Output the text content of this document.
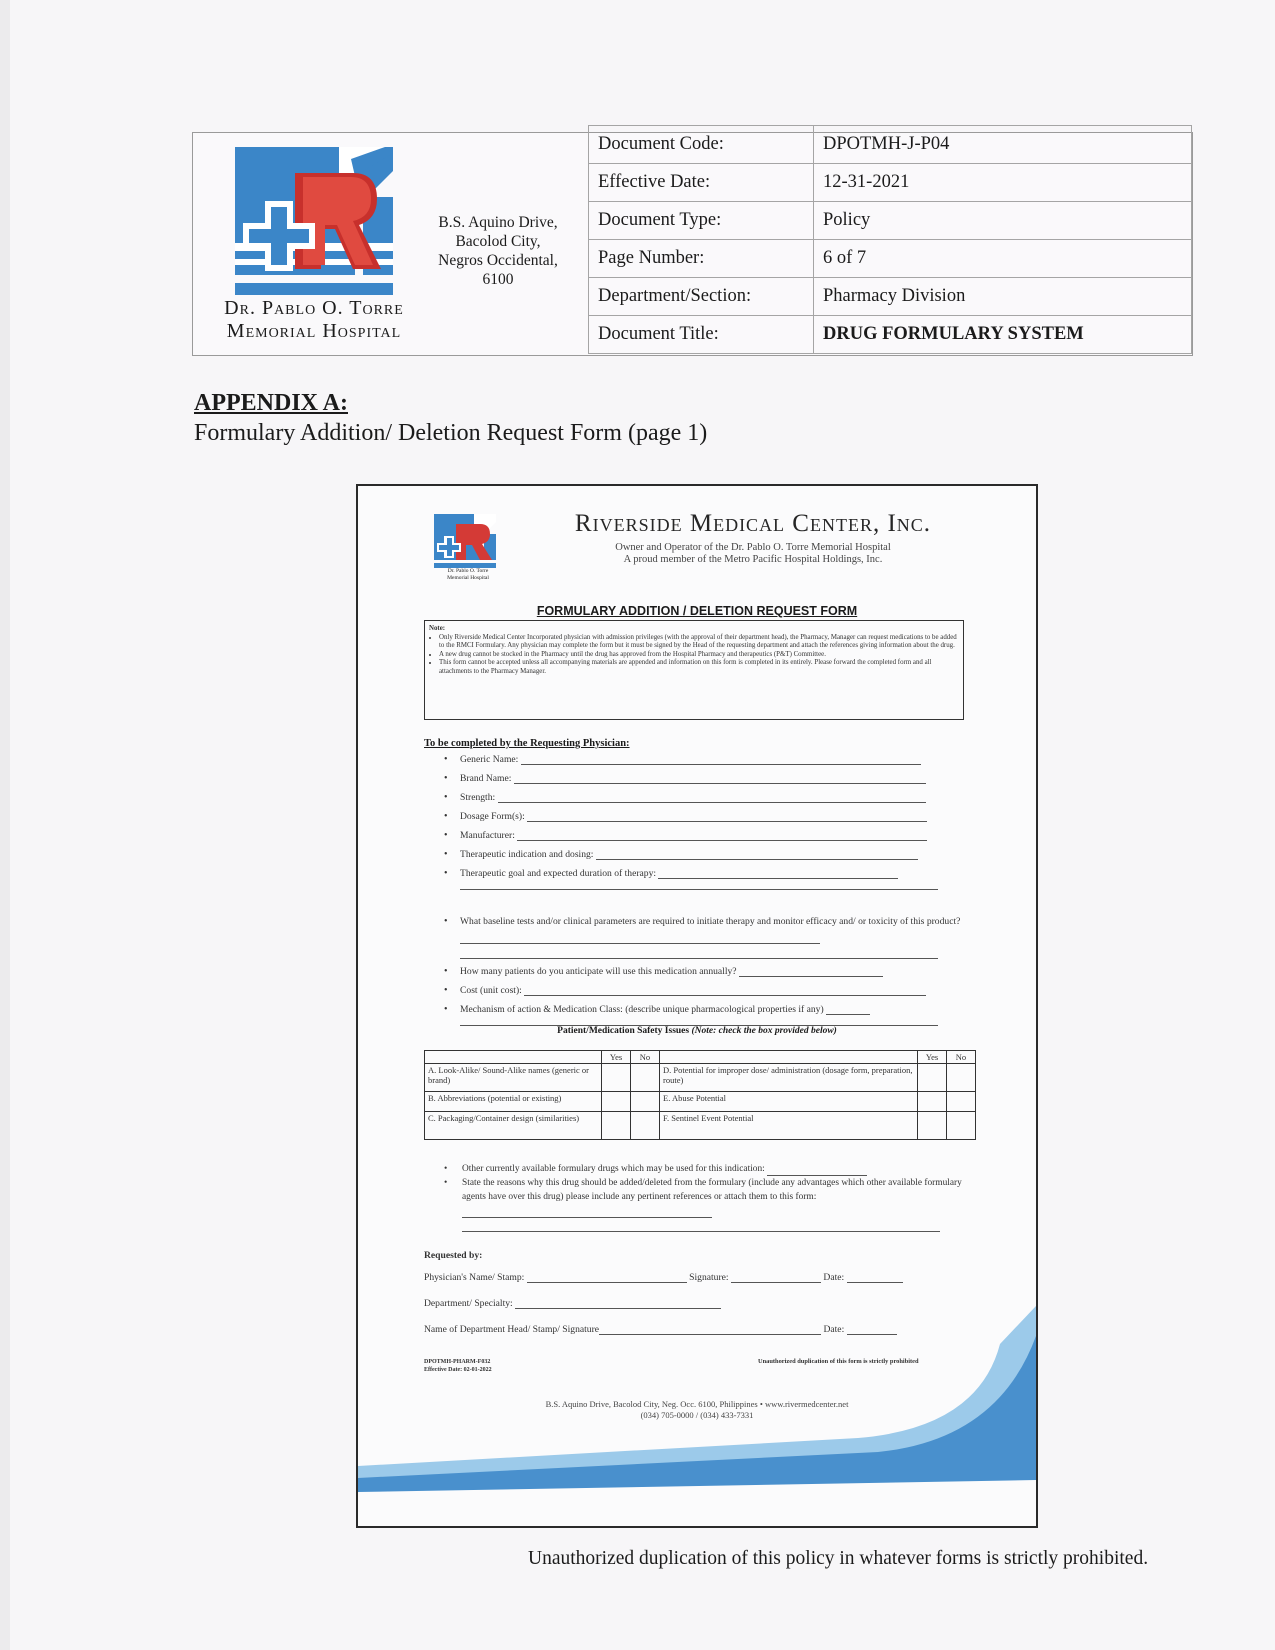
Dr. Pablo O. Torre
Memorial Hospital
B.S. Aquino Drive,
Bacolod City,
Negros Occidental,
6100
Document Code:	DPOTMH-J-P04
Effective Date:	12-31-2021
Document Type:	Policy
Page Number:	6 of 7
Department/Section:	Pharmacy Division
Document Title:	DRUG FORMULARY SYSTEM
APPENDIX A:
Formulary Addition/ Deletion Request Form (page 1)
Dr. Pablo O. Torre
Memorial Hospital
Riverside Medical Center, Inc.
Owner and Operator of the Dr. Pablo O. Torre Memorial Hospital
A proud member of the Metro Pacific Hospital Holdings, Inc.
FORMULARY ADDITION / DELETION REQUEST FORM
Note:
• Only Riverside Medical Center Incorporated physician with admission privileges (with the approval of their department head), the Pharmacy, Manager can request medications to be added to the RMCI Formulary. Any physician may complete the form but it must be signed by the Head of the requesting department and attach the references giving information about the drug.
• A new drug cannot be stocked in the Pharmacy until the drug has approved from the Hospital Pharmacy and therapeutics (P&T) Committee.
• This form cannot be accepted unless all accompanying materials are appended and information on this form is completed in its entirely. Please forward the completed form and all attachments to the Pharmacy Manager.
To be completed by the Requesting Physician:
• Generic Name:
• Brand Name:
• Strength:
• Dosage Form(s):
• Manufacturer:
• Therapeutic indication and dosing:
• Therapeutic goal and expected duration of therapy:

• What baseline tests and/or clinical parameters are required to initiate therapy and monitor efficacy and/ or toxicity of this product?

• How many patients do you anticipate will use this medication annually?
• Cost (unit cost):
• Mechanism of action & Medication Class: (describe unique pharmacological properties if any)

Patient/Medication Safety Issues (Note: check the box provided below)
	Yes	No		Yes	No
A. Look-Alike/ Sound-Alike names (generic or brand)			D. Potential for improper dose/ administration (dosage form, preparation, route)		
B. Abbreviations (potential or existing)			E. Abuse Potential		
C. Packaging/Container design (similarities)			F. Sentinel Event Potential		
• Other currently available formulary drugs which may be used for this indication:
• State the reasons why this drug should be added/deleted from the formulary (include any advantages which other available formulary agents have over this drug) please include any pertinent references or attach them to this form:

Requested by:
Physician's Name/ Stamp:	Signature:	Date:
Department/ Specialty:
Name of Department Head/ Stamp/ Signature	Date:
DPOTMH-PHARM-F032
Effective Date: 02-01-2022
Unauthorized duplication of this form is strictly prohibited
B.S. Aquino Drive, Bacolod City, Neg. Occ. 6100, Philippines • www.rivermedcenter.net
(034) 705-0000 / (034) 433-7331
Unauthorized duplication of this policy in whatever forms is strictly prohibited.
